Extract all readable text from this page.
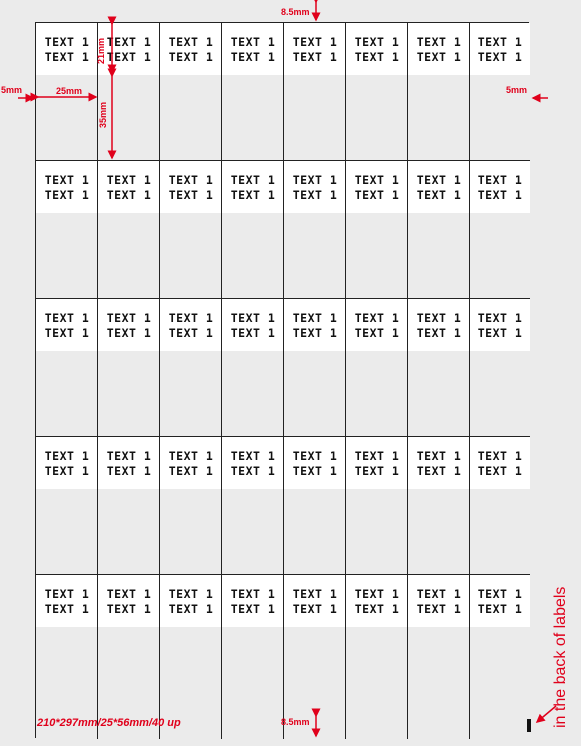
TEXT 1
TEXT 1
TEXT 1
TEXT 1
TEXT 1
TEXT 1
TEXT 1
TEXT 1
TEXT 1
TEXT 1
TEXT 1
TEXT 1
TEXT 1
TEXT 1
TEXT 1
TEXT 1
TEXT 1
TEXT 1
TEXT 1
TEXT 1
TEXT 1
TEXT 1
TEXT 1
TEXT 1
TEXT 1
TEXT 1
TEXT 1
TEXT 1
TEXT 1
TEXT 1
TEXT 1
TEXT 1
TEXT 1
TEXT 1
TEXT 1
TEXT 1
TEXT 1
TEXT 1
TEXT 1
TEXT 1
TEXT 1
TEXT 1
TEXT 1
TEXT 1
TEXT 1
TEXT 1
TEXT 1
TEXT 1
TEXT 1
TEXT 1
TEXT 1
TEXT 1
TEXT 1
TEXT 1
TEXT 1
TEXT 1
TEXT 1
TEXT 1
TEXT 1
TEXT 1
TEXT 1
TEXT 1
TEXT 1
TEXT 1
TEXT 1
TEXT 1
TEXT 1
TEXT 1
TEXT 1
TEXT 1
TEXT 1
TEXT 1
TEXT 1
TEXT 1
TEXT 1
TEXT 1
TEXT 1
TEXT 1
TEXT 1
TEXT 1
8.5mm
8.5mm
5mm	5mm
25mm
21mm
35mm
210*297mm/25*56mm/40 up	in the back of labels
